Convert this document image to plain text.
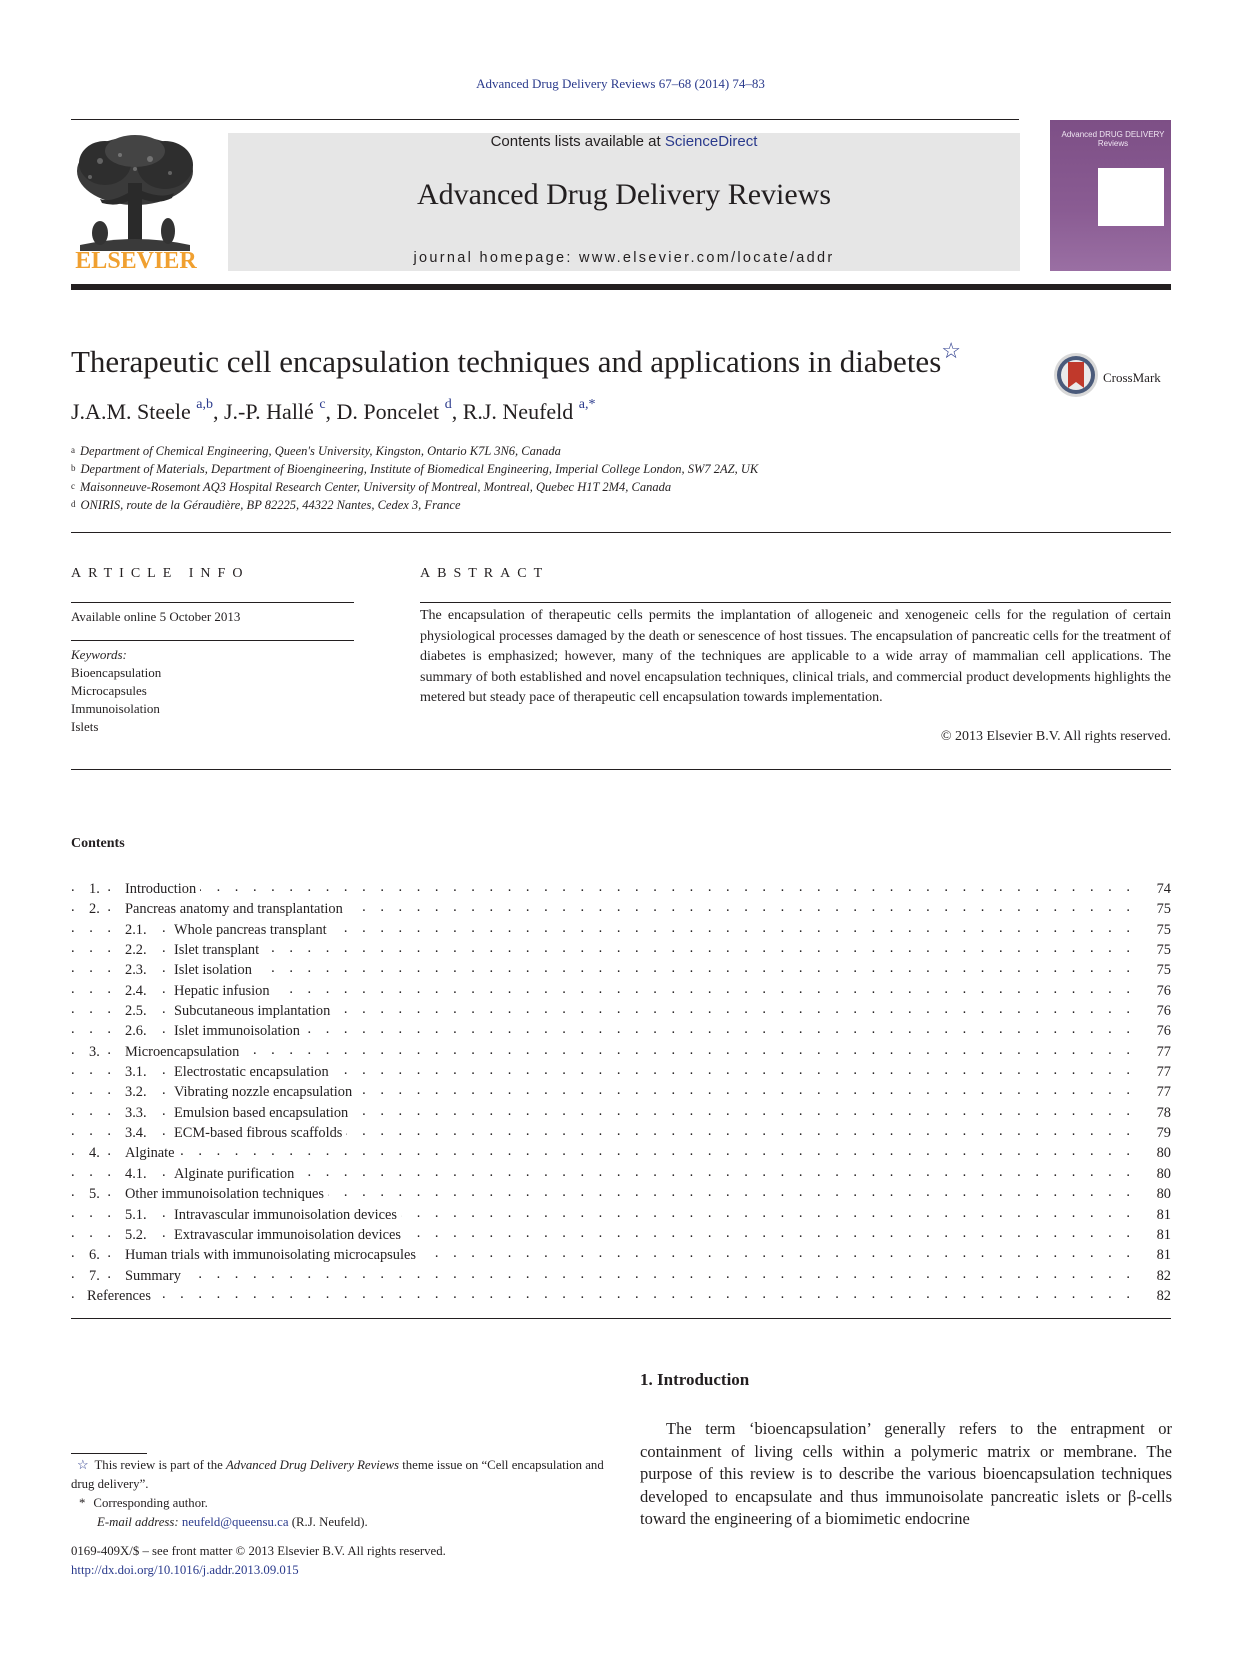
Advanced Drug Delivery Reviews 67–68 (2014) 74–83
ELSEVIER
Contents lists available at ScienceDirect
Advanced Drug Delivery Reviews
journal homepage: www.elsevier.com/locate/addr
Advanced DRUG DELIVERY Reviews
Therapeutic cell encapsulation techniques and applications in diabetes☆
CrossMark
J.A.M. Steele $^{a,b}$, J.-P. Hallé $^c$, D. Poncelet $^d$, R.J. Neufeld $^{a,*}$
$^a$ Department of Chemical Engineering, Queen's University, Kingston, Ontario K7L 3N6, Canada
$^b$ Department of Materials, Department of Bioengineering, Institute of Biomedical Engineering, Imperial College London, SW7 2AZ, UK
$^c$ Maisonneuve-Rosemont AQ3 Hospital Research Center, University of Montreal, Montreal, Quebec H1T 2M4, Canada
$^d$ ONIRIS, route de la Géraudière, BP 82225, 44322 Nantes, Cedex 3, France
ARTICLE INFO	ABSTRACT
Available online 5 October 2013
Keywords:
Bioencapsulation
Microcapsules
Immunoisolation
Islets
The encapsulation of therapeutic cells permits the implantation of allogeneic and xenogeneic cells for the regulation of certain physiological processes damaged by the death or senescence of host tissues. The encapsulation of pancreatic cells for the treatment of diabetes is emphasized; however, many of the techniques are applicable to a wide array of mammalian cell applications. The summary of both established and novel encapsulation techniques, clinical trials, and commercial product developments highlights the metered but steady pace of therapeutic cell encapsulation towards implementation.
© 2013 Elsevier B.V. All rights reserved.
Contents
. . .
1.	Introduction	74
. . .
2.	Pancreas anatomy and transplantation	75
. . .
2.1.	Whole pancreas transplant	75
. . .
2.2.	Islet transplant	75
. . .
2.3.	Islet isolation	75
. . .
2.4.	Hepatic infusion	76
. . .
2.5.	Subcutaneous implantation	76
. . .
2.6.	Islet immunoisolation	76
. . .
3.	Microencapsulation	77
. . .
3.1.	Electrostatic encapsulation	77
. . .
3.2.	Vibrating nozzle encapsulation	77
. . .
3.3.	Emulsion based encapsulation	78
. . .
3.4.	ECM-based fibrous scaffolds	79
. . .
4.	Alginate	80
. . .
4.1.	Alginate purification	80
. . .
5.	Other immunoisolation techniques	80
. . .
5.1.	Intravascular immunoisolation devices	81
. . .
5.2.	Extravascular immunoisolation devices	81
. . .
6.	Human trials with immunoisolating microcapsules	81
. . .
7.	Summary	82
. . .
References	82
1. Introduction
The term ‘bioencapsulation’ generally refers to the entrapment or containment of living cells within a polymeric matrix or membrane. The purpose of this review is to describe the various bioencapsulation techniques developed to encapsulate and thus immunoisolate pancreatic islets or β-cells toward the engineering of a biomimetic endocrine
☆ This review is part of the Advanced Drug Delivery Reviews theme issue on “Cell encapsulation and drug delivery”.
* Corresponding author.
E-mail address: neufeld@queensu.ca (R.J. Neufeld).
0169-409X/$ – see front matter © 2013 Elsevier B.V. All rights reserved.
http://dx.doi.org/10.1016/j.addr.2013.09.015
